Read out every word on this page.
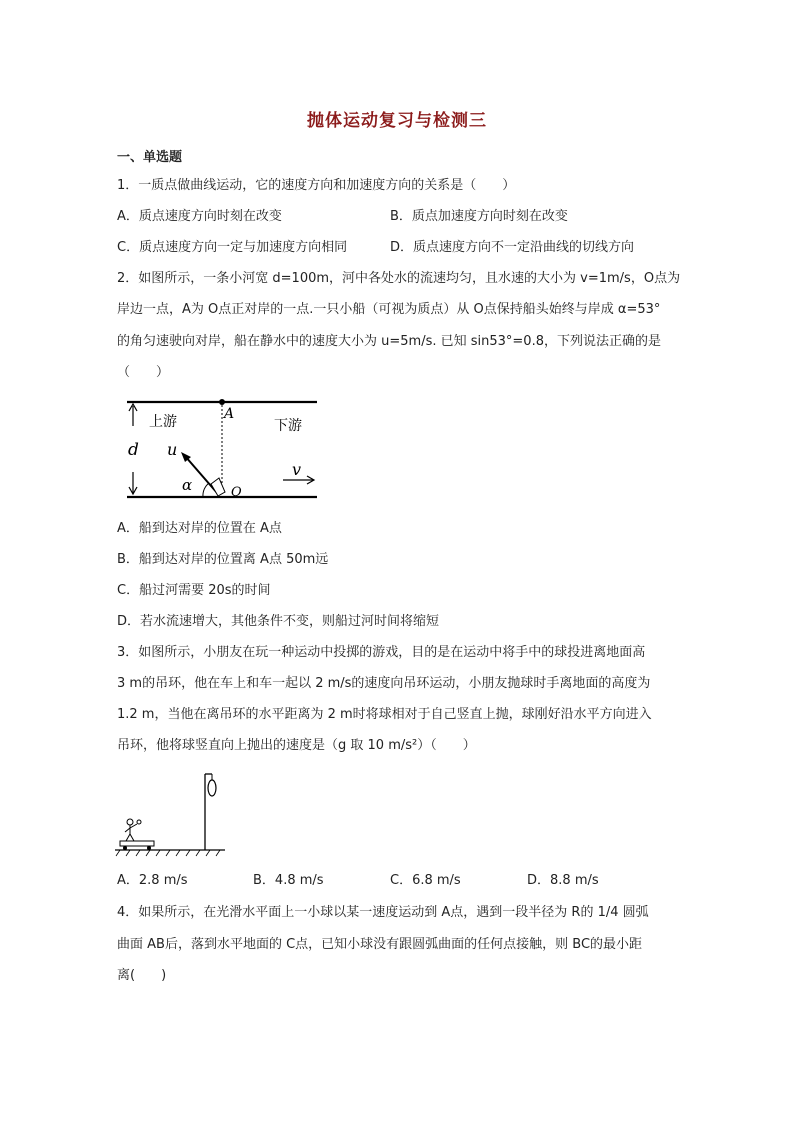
抛体运动复习与检测三
一、单选题
1．一质点做曲线运动，它的速度方向和加速度方向的关系是（　　）
A．质点速度方向时刻在改变	B．质点加速度方向时刻在改变
C．质点速度方向一定与加速度方向相同	D．质点速度方向不一定沿曲线的切线方向
2．如图所示，一条小河宽 d=100m，河中各处水的流速均匀，且水速的大小为 v=1m/s，O点为
岸边一点，A为 O点正对岸的一点.一只小船（可视为质点）从 O点保持船头始终与岸成 α=53°
的角匀速驶向对岸，船在静水中的速度大小为 u=5m/s. 已知 sin53°=0.8，下列说法正确的是
（　　）
上游	下游
A
d u
v
α	O
A．船到达对岸的位置在 A点
B．船到达对岸的位置离 A点 50m远
C．船过河需要 20s的时间
D．若水流速增大，其他条件不变，则船过河时间将缩短
3．如图所示，小朋友在玩一种运动中投掷的游戏，目的是在运动中将手中的球投进离地面高
3 m的吊环，他在车上和车一起以 2 m/s的速度向吊环运动，小朋友抛球时手离地面的高度为
1.2 m，当他在离吊环的水平距离为 2 m时将球相对于自己竖直上抛，球刚好沿水平方向进入
吊环，他将球竖直向上抛出的速度是（g 取 10 m/s²）（　　）
A．2.8 m/s	B．4.8 m/s	C．6.8 m/s	D．8.8 m/s
4．如果所示，在光滑水平面上一小球以某一速度运动到 A点，遇到一段半径为 R的 1/4 圆弧
曲面 AB后，落到水平地面的 C点，已知小球没有跟圆弧曲面的任何点接触，则 BC的最小距
离(　　)
